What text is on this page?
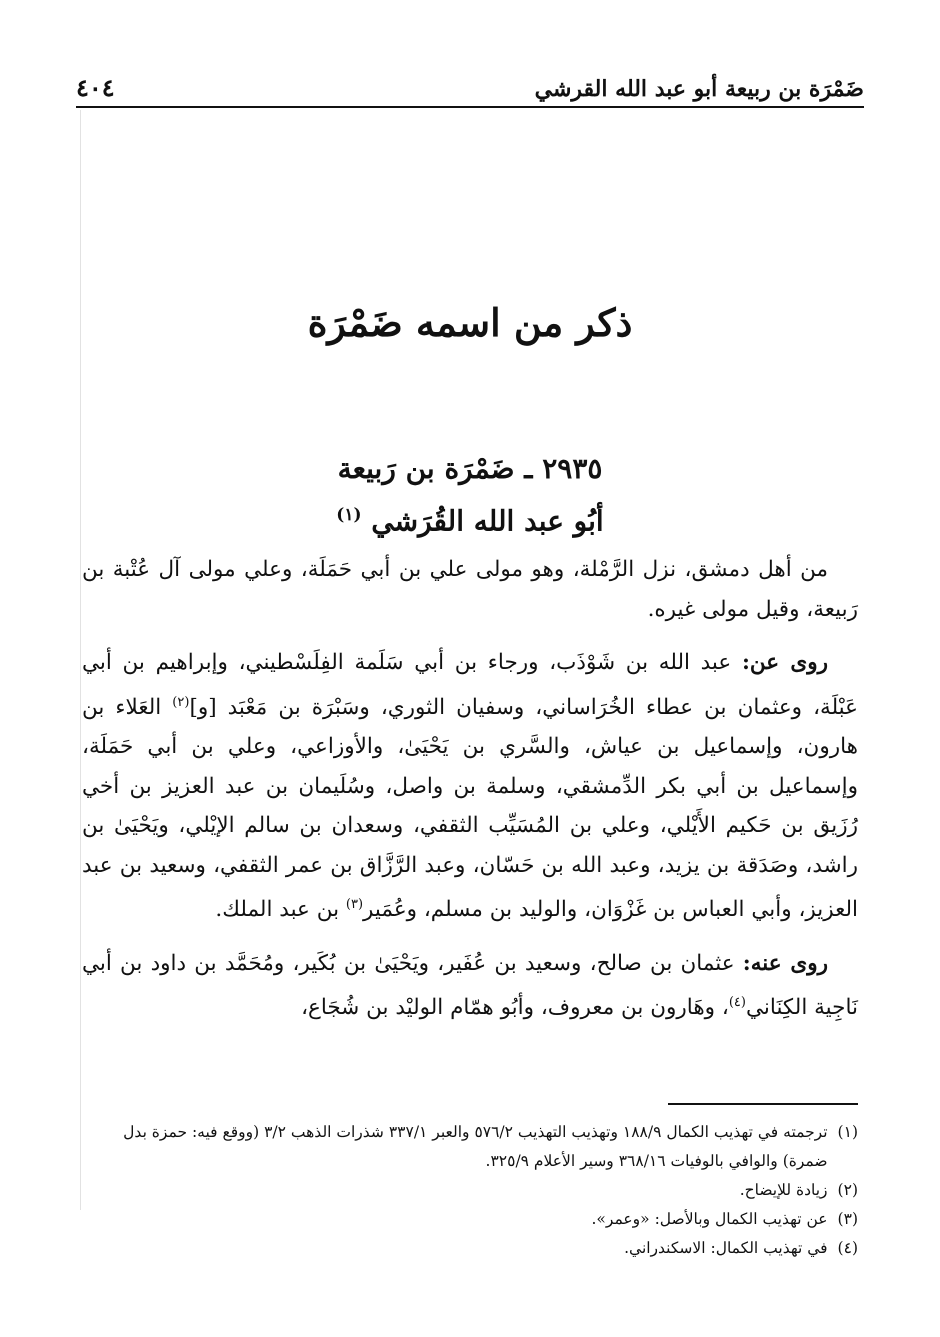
٤٠٤	ضَمْرَة بن ربيعة أبو عبد الله القرشي
ذكر من اسمه ضَمْرَة
٢٩٣٥ ـ ضَمْرَة بن رَبيعة
أبُو عبد الله القُرَشي $^{(١)}$

من أهل دمشق، نزل الرَّمْلة، وهو مولى علي بن أبي حَمَلَة، وعلي مولى آل عُتْبة بن رَبيعة، وقيل مولى غيره.

روى عن: عبد الله بن شَوْذَب، ورجاء بن أبي سَلَمة الفِلَسْطيني، وإبراهيم بن أبي عَبْلَة، وعثمان بن عطاء الخُرَاساني، وسفيان الثوري، وسَبْرَة بن مَعْبَد [و]$^{(٢)}$ العَلاء بن هارون، وإسماعيل بن عياش، والسَّري بن يَحْيَىٰ، والأوزاعي، وعلي بن أبي حَمَلَة، وإسماعيل بن أبي بكر الدِّمشقي، وسلمة بن واصل، وسُلَيمان بن عبد العزيز بن أخي رُزَيق بن حَكيم الأَيْلي، وعلي بن المُسَيِّب الثقفي، وسعدان بن سالم الإيْلي، ويَحْيَىٰ بن راشد، وصَدَقة بن يزيد، وعبد الله بن حَسّان، وعبد الرَّزَّاق بن عمر الثقفي، وسعيد بن عبد العزيز، وأبي العباس بن غَزْوَان، والوليد بن مسلم، وعُمَير$^{(٣)}$ بن عبد الملك.

روى عنه: عثمان بن صالح، وسعيد بن عُفَير، ويَحْيَىٰ بن بُكَير، ومُحَمَّد بن داود بن أبي نَاجِية الكِنَاني$^{(٤)}$، وهَارون بن معروف، وأبُو همّام الوليْد بن شُجَاع،

(١)
ترجمته في تهذيب الكمال ١٨٨/٩ وتهذيب التهذيب ٥٧٦/٢ والعبر ٣٣٧/١ شذرات الذهب ٣/٢ (ووقع فيه: حمزة بدل ضمرة) والوافي بالوفيات ٣٦٨/١٦ وسير الأعلام ٣٢٥/٩.
(٢)
زيادة للإيضاح.
(٣)
عن تهذيب الكمال وبالأصل: «وعمر».
(٤)
في تهذيب الكمال: الاسكندراني.
